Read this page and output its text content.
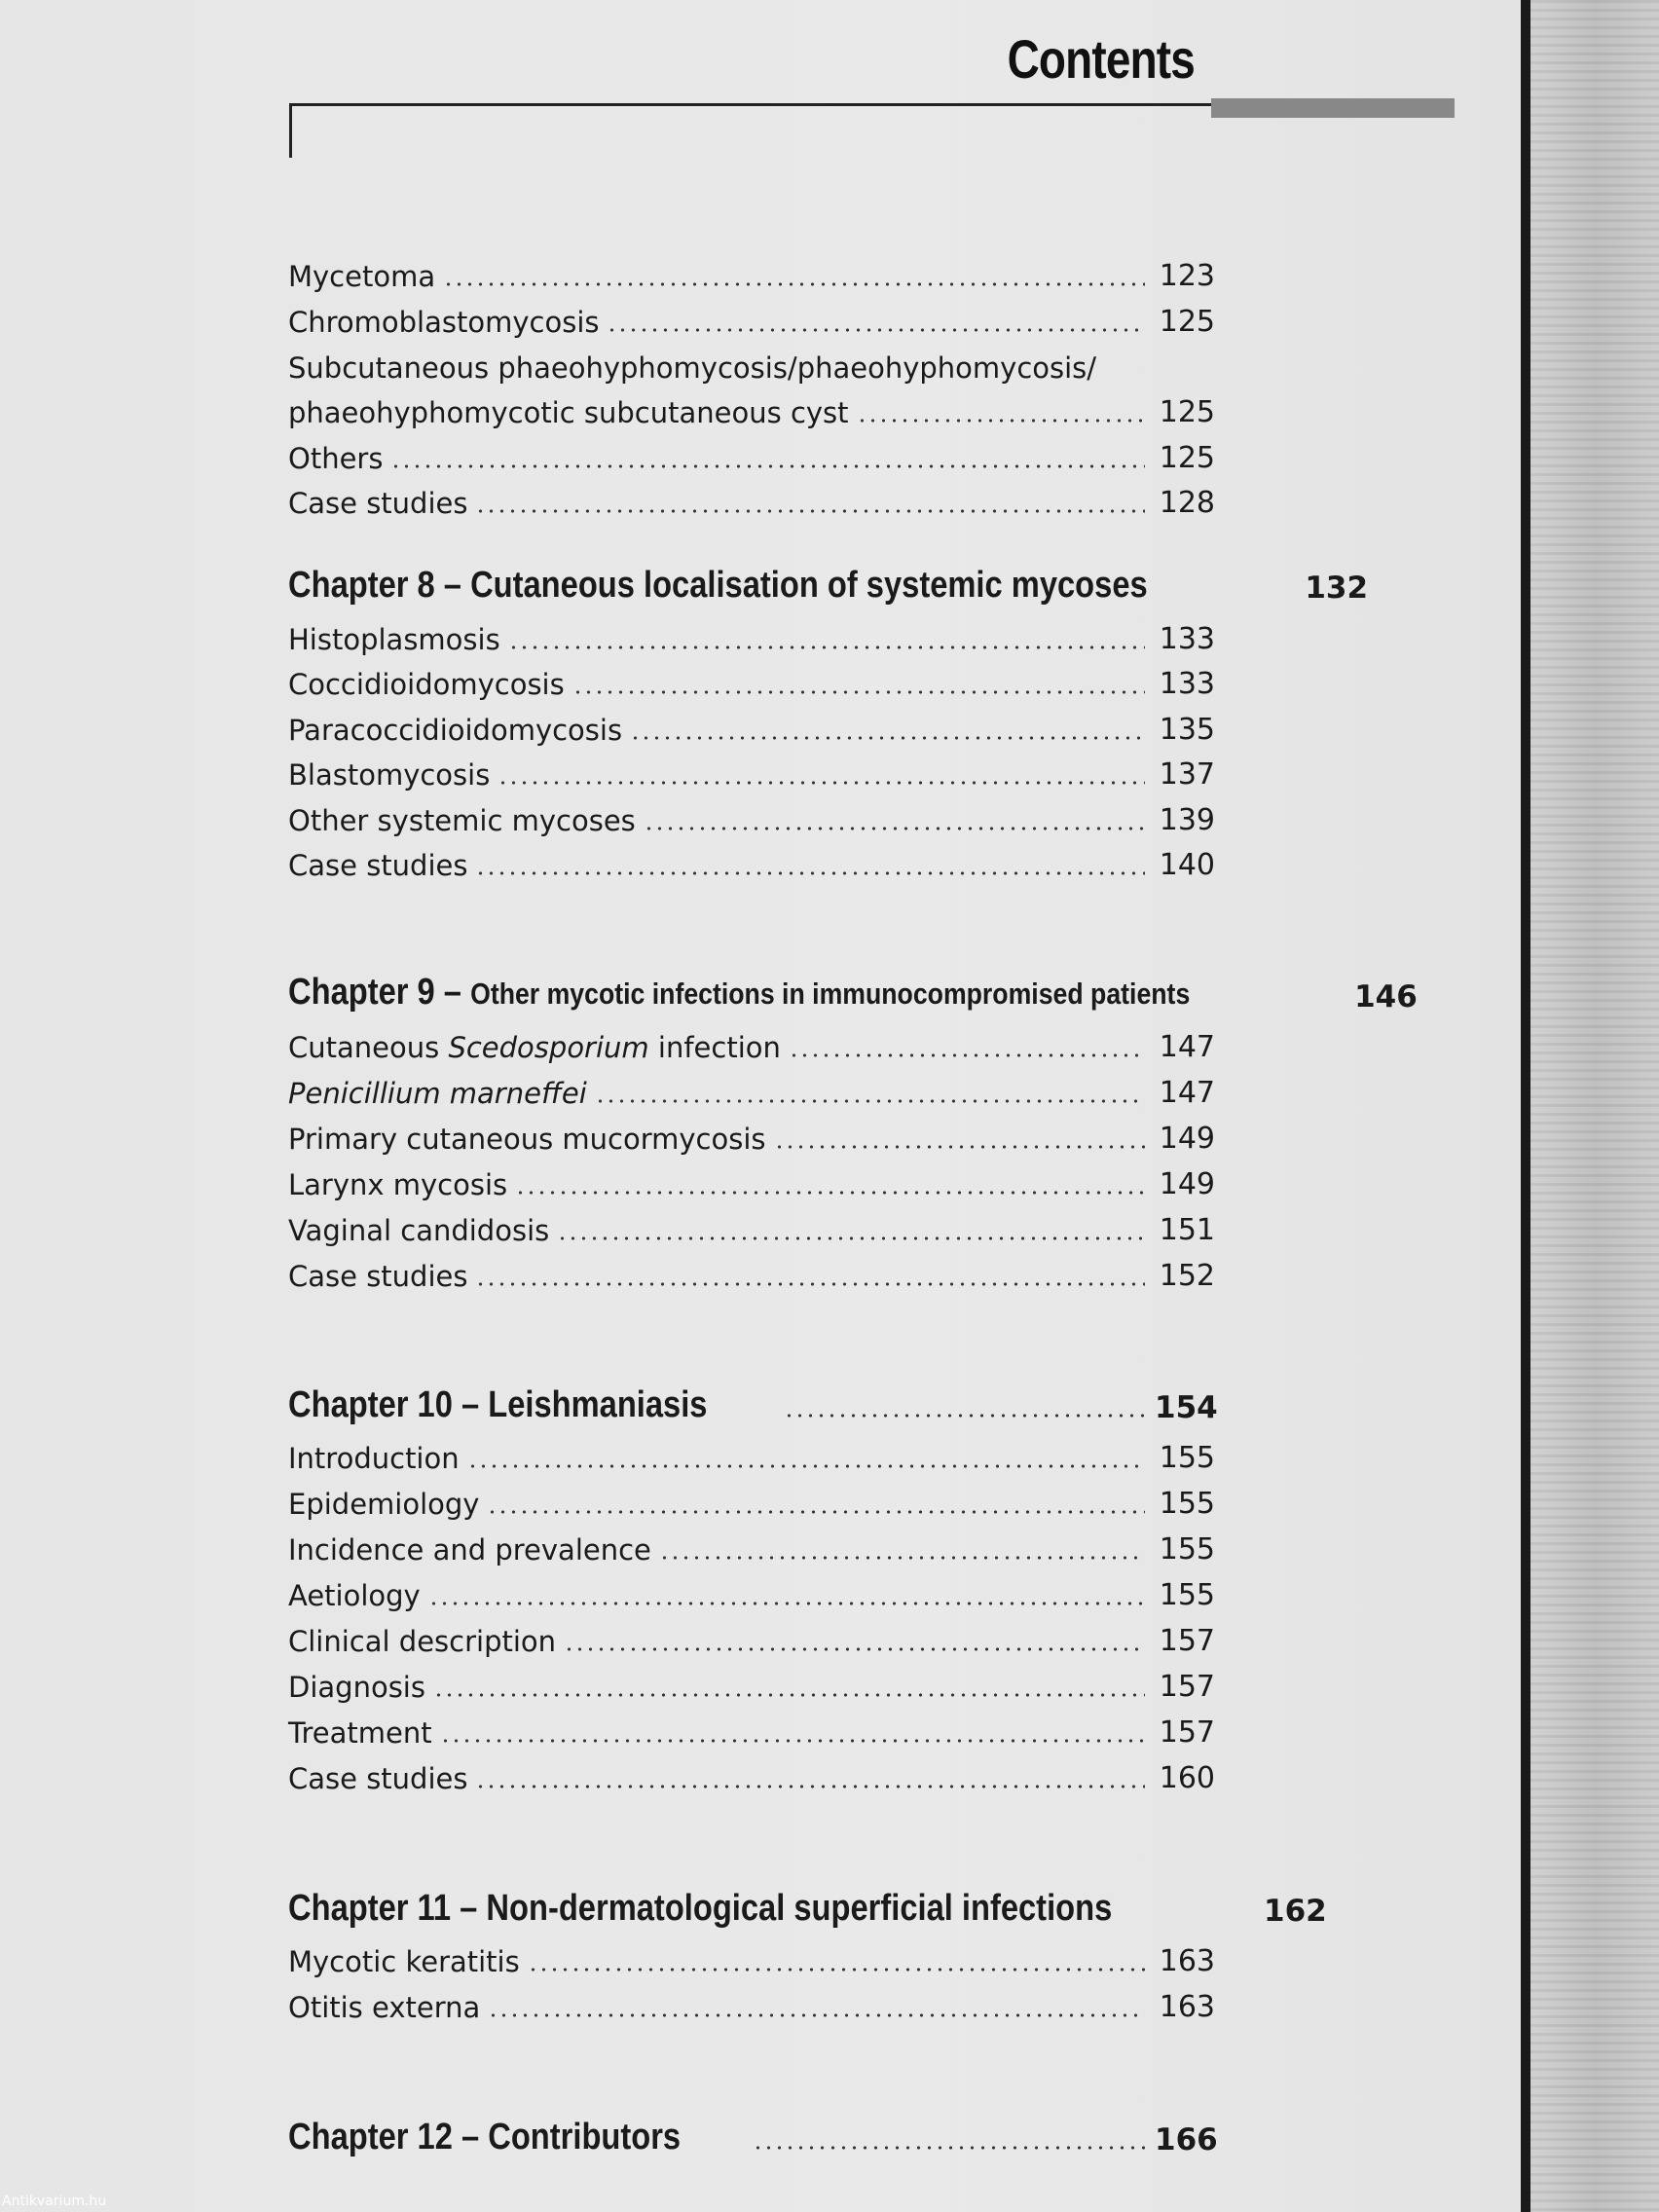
Contents
Mycetoma	123
Chromoblastomycosis	125
Subcutaneous phaeohyphomycosis/phaeohyphomycosis/
phaeohyphomycotic subcutaneous cyst	125
Others	125
Case studies	128
Chapter 8 – Cutaneous localisation of systemic mycoses	132
Histoplasmosis	133
Coccidioidomycosis	133
Paracoccidioidomycosis	135
Blastomycosis	137
Other systemic mycoses	139
Case studies	140
Chapter 9 – Other mycotic infections in immunocompromised patients	146
Cutaneous Scedosporium infection	147
Penicillium marneffei	147
Primary cutaneous mucormycosis	149
Larynx mycosis	149
Vaginal candidosis	151
Case studies	152
Chapter 10 – Leishmaniasis	154
Introduction	155
Epidemiology	155
Incidence and prevalence	155
Aetiology	155
Clinical description	157
Diagnosis	157
Treatment	157
Case studies	160
Chapter 11 – Non-dermatological superficial infections	162
Mycotic keratitis	163
Otitis externa	163
Chapter 12 – Contributors	166
Antikvarium.hu
